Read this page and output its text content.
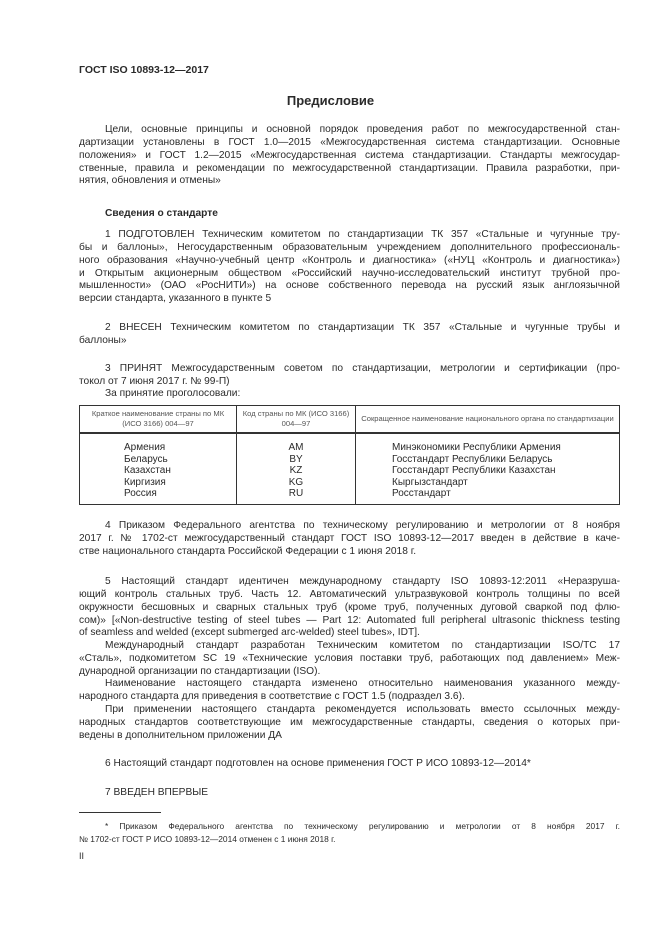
ГОСТ ISO 10893-12—2017
Предисловие
Цели, основные принципы и основной порядок проведения работ по межгосударственной стан-
дартизации установлены в ГОСТ 1.0—2015 «Межгосударственная система стандартизации. Основные
положения» и ГОСТ 1.2—2015 «Межгосударственная система стандартизации. Стандарты межгосудар-
ственные, правила и рекомендации по межгосударственной стандартизации. Правила разработки, при-
нятия, обновления и отмены»
Сведения о стандарте
1 ПОДГОТОВЛЕН Техническим комитетом по стандартизации ТК 357 «Стальные и чугунные тру-
бы и баллоны», Негосударственным образовательным учреждением дополнительного профессиональ-
ного образования «Научно-учебный центр «Контроль и диагностика» («НУЦ «Контроль и диагностика»)
и Открытым акционерным обществом «Российский научно-исследовательский институт трубной про-
мышленности» (ОАО «РосНИТИ») на основе собственного перевода на русский язык англоязычной
версии стандарта, указанного в пункте 5
2 ВНЕСЕН Техническим комитетом по стандартизации ТК 357 «Стальные и чугунные трубы и
баллоны»
3 ПРИНЯТ Межгосударственным советом по стандартизации, метрологии и сертификации (про-
токол от 7 июня 2017 г. № 99-П)
За принятие проголосовали:
Краткое наименование страны по МК (ИСО 3166) 004—97	Код страны по МК (ИСО 3166) 004—97	Сокращенное наименование национального органа по стандартизации
Армения	AM	Минэкономики Республики Армения
Беларусь	BY	Госстандарт Республики Беларусь
Казахстан	KZ	Госстандарт Республики Казахстан
Киргизия	KG	Кыргызстандарт
Россия	RU	Росстандарт
4 Приказом Федерального агентства по техническому регулированию и метрологии от 8 ноября
2017 г. № 1702-ст межгосударственный стандарт ГОСТ ISO 10893-12—2017 введен в действие в каче-
стве национального стандарта Российской Федерации с 1 июня 2018 г.
5 Настоящий стандарт идентичен международному стандарту ISO 10893-12:2011 «Неразруша-
ющий контроль стальных труб. Часть 12. Автоматический ультразвуковой контроль толщины по всей
окружности бесшовных и сварных стальных труб (кроме труб, полученных дуговой сваркой под флю-
сом)» [«Non-destructive testing of steel tubes — Part 12: Automated full peripheral ultrasonic thickness testing
of seamless and welded (except submerged arc-welded) steel tubes», IDT].
Международный стандарт разработан Техническим комитетом по стандартизации ISO/TC 17
«Сталь», подкомитетом SC 19 «Технические условия поставки труб, работающих под давлением» Меж-
дународной организации по стандартизации (ISO).
Наименование настоящего стандарта изменено относительно наименования указанного между-
народного стандарта для приведения в соответствие с ГОСТ 1.5 (подраздел 3.6).
При применении настоящего стандарта рекомендуется использовать вместо ссылочных между-
народных стандартов соответствующие им межгосударственные стандарты, сведения о которых при-
ведены в дополнительном приложении ДА
6 Настоящий стандарт подготовлен на основе применения ГОСТ Р ИСО 10893-12—2014*
7 ВВЕДЕН ВПЕРВЫЕ
* Приказом Федерального агентства по техническому регулированию и метрологии от 8 ноября 2017 г.
№ 1702-ст ГОСТ Р ИСО 10893-12—2014 отменен с 1 июня 2018 г.
II
